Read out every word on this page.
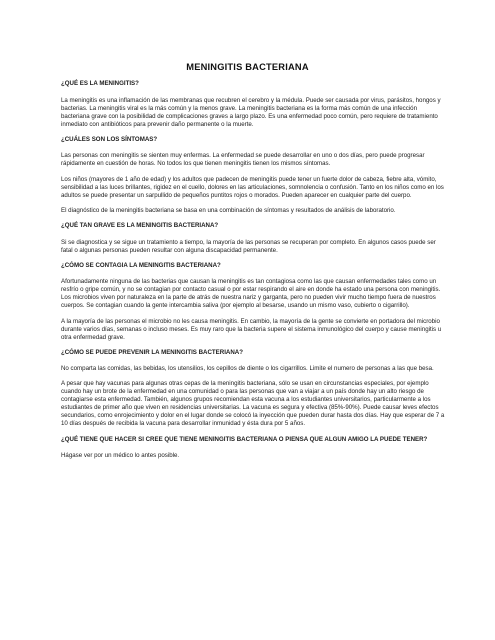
MENINGITIS BACTERIANA
¿QUÉ ES LA MENINGITIS?
La meningitis es una inflamación de las membranas que recubren el cerebro y la médula. Puede ser causada por virus, parásitos, hongos y bacterias. La meningitis viral es la más común y la menos grave. La meningitis bacteriana es la forma más común de una infección bacteriana grave con la posibilidad de complicaciones graves a largo plazo. Es una enfermedad poco común, pero requiere de tratamiento inmediato con antibióticos para prevenir daño permanente o la muerte.
¿CUÁLES SON LOS SÍNTOMAS?
Las personas con meningitis se sienten muy enfermas. La enfermedad se puede desarrollar en uno o dos días, pero puede progresar rápidamente en cuestión de horas. No todos los que tienen meningitis tienen los mismos síntomas.
Los niños (mayores de 1 año de edad) y los adultos que padecen de meningitis puede tener un fuerte dolor de cabeza, fiebre alta, vómito, sensibilidad a las luces brillantes, rigidez en el cuello, dolores en las articulaciones, somnolencia o confusión. Tanto en los niños como en los adultos se puede presentar un sarpullido de pequeños puntitos rojos o morados. Pueden aparecer en cualquier parte del cuerpo.
El diagnóstico de la meningitis bacteriana se basa en una combinación de síntomas y resultados de análisis de laboratorio.
¿QUÉ TAN GRAVE ES LA MENINGITIS BACTERIANA?
Si se diagnostica y se sigue un tratamiento a tiempo, la mayoría de las personas se recuperan por completo. En algunos casos puede ser fatal o algunas personas pueden resultar con alguna discapacidad permanente.
¿CÓMO SE CONTAGIA LA MENINGITIS BACTERIANA?
Afortunadamente ninguna de las bacterias que causan la meningitis es tan contagiosa como las que causan enfermedades tales como un resfrío o gripe común, y no se contagian por contacto casual o por estar respirando el aire en donde ha estado una persona con meningitis. Los microbios viven por naturaleza en la parte de atrás de nuestra nariz y garganta, pero no pueden vivir mucho tiempo fuera de nuestros cuerpos. Se contagian cuando la gente intercambia saliva (por ejemplo al besarse, usando un mismo vaso, cubierto o cigarrillo).
A la mayoría de las personas el microbio no les causa meningitis. En cambio, la mayoría de la gente se convierte en portadora del microbio durante varios días, semanas o incluso meses. Es muy raro que la bacteria supere el sistema inmunológico del cuerpo y cause meningitis u otra enfermedad grave.
¿CÓMO SE PUEDE PREVENIR LA MENINGITIS BACTERIANA?
No comparta las comidas, las bebidas, los utensilios, los cepillos de diente o los cigarrillos. Limite el numero de personas a las que besa.
A pesar que hay vacunas para algunas otras cepas de la meningitis bacteriana, sólo se usan en circunstancias especiales, por ejemplo cuando hay un brote de la enfermedad en una comunidad o para las personas que van a viajar a un país donde hay un alto riesgo de contagiarse esta enfermedad. También, algunos grupos recomiendan esta vacuna a los estudiantes universitarios, particularmente a los estudiantes de primer año que viven en residencias universitarias. La vacuna es segura y efectiva (85%-90%). Puede causar leves efectos secundarios, como enrojecimiento y dolor en el lugar donde se colocó la inyección que pueden durar hasta dos días. Hay que esperar de 7 a 10 días después de recibida la vacuna para desarrollar inmunidad y ésta dura por 5 años.
¿QUÉ TIENE QUE HACER SI CREE QUE TIENE MENINGITIS BACTERIANA O PIENSA QUE ALGUN AMIGO LA PUEDE TENER?
Hágase ver por un médico lo antes posible.
